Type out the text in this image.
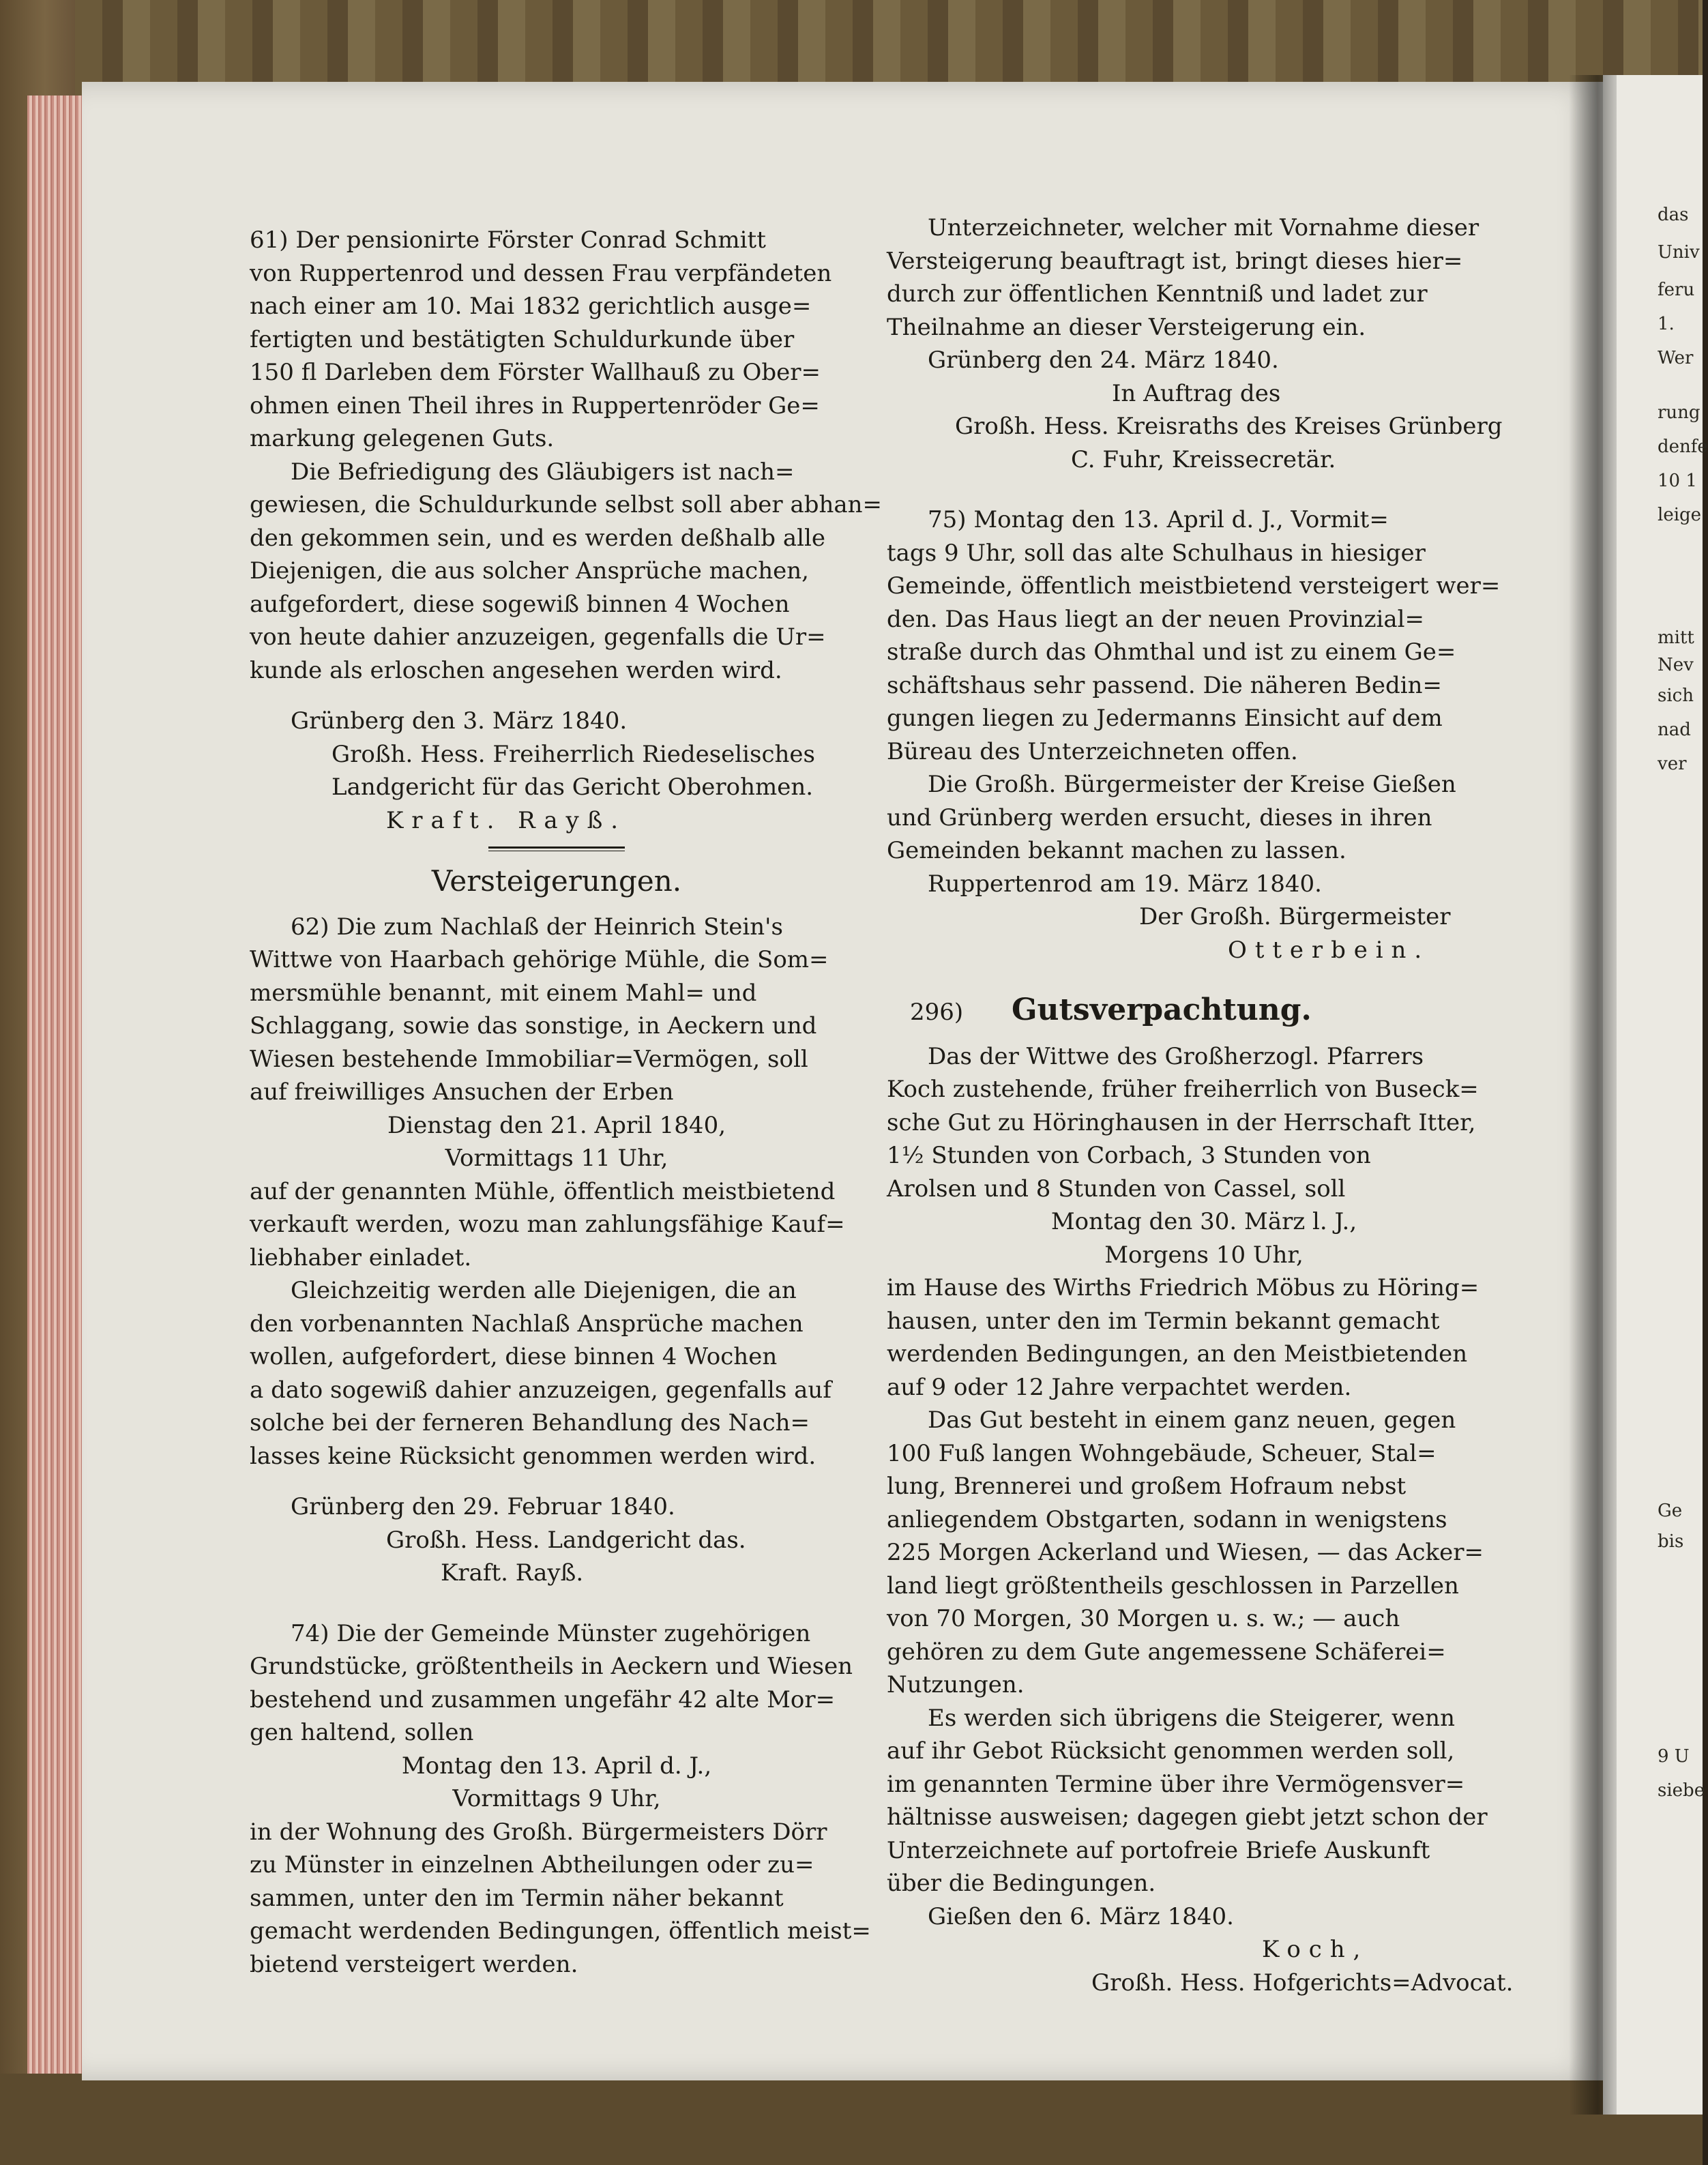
das
Univ
feru
1.
Wer
rung
denfe
10 1
leige
mitt
Nev
sich
nad
ver
Ge
bis
9 U
siebe

61) Der pensionirte Förster Conrad Schmitt

von Ruppertenrod und dessen Frau verpfändeten

nach einer am 10. Mai 1832 gerichtlich ausge=

fertigten und bestätigten Schuldurkunde über

150 fl Darleben dem Förster Wallhauß zu Ober=

ohmen einen Theil ihres in Ruppertenröder Ge=

markung gelegenen Guts.

Die Befriedigung des Gläubigers ist nach=

gewiesen, die Schuldurkunde selbst soll aber abhan=

den gekommen sein, und es werden deßhalb alle

Diejenigen, die aus solcher Ansprüche machen,

aufgefordert, diese sogewiß binnen 4 Wochen

von heute dahier anzuzeigen, gegenfalls die Ur=

kunde als erloschen angesehen werden wird.

Grünberg den 3. März 1840.

Großh. Hess. Freiherrlich Riedeselisches

Landgericht für das Gericht Oberohmen.

Kraft. Rayß.

Versteigerungen.

62) Die zum Nachlaß der Heinrich Stein's

Wittwe von Haarbach gehörige Mühle, die Som=

mersmühle benannt, mit einem Mahl= und

Schlaggang, sowie das sonstige, in Aeckern und

Wiesen bestehende Immobiliar=Vermögen, soll

auf freiwilliges Ansuchen der Erben

Dienstag den 21. April 1840,

Vormittags 11 Uhr,

auf der genannten Mühle, öffentlich meistbietend

verkauft werden, wozu man zahlungsfähige Kauf=

liebhaber einladet.

Gleichzeitig werden alle Diejenigen, die an

den vorbenannten Nachlaß Ansprüche machen

wollen, aufgefordert, diese binnen 4 Wochen

a dato sogewiß dahier anzuzeigen, gegenfalls auf

solche bei der ferneren Behandlung des Nach=

lasses keine Rücksicht genommen werden wird.

Grünberg den 29. Februar 1840.

Großh. Hess. Landgericht das.

Kraft. Rayß.

74) Die der Gemeinde Münster zugehörigen

Grundstücke, größtentheils in Aeckern und Wiesen

bestehend und zusammen ungefähr 42 alte Mor=

gen haltend, sollen

Montag den 13. April d. J.,

Vormittags 9 Uhr,

in der Wohnung des Großh. Bürgermeisters Dörr

zu Münster in einzelnen Abtheilungen oder zu=

sammen, unter den im Termin näher bekannt

gemacht werdenden Bedingungen, öffentlich meist=

bietend versteigert werden.

Unterzeichneter, welcher mit Vornahme dieser

Versteigerung beauftragt ist, bringt dieses hier=

durch zur öffentlichen Kenntniß und ladet zur

Theilnahme an dieser Versteigerung ein.

Grünberg den 24. März 1840.

In Auftrag des

Großh. Hess. Kreisraths des Kreises Grünberg

C. Fuhr, Kreissecretär.

75) Montag den 13. April d. J., Vormit=

tags 9 Uhr, soll das alte Schulhaus in hiesiger

Gemeinde, öffentlich meistbietend versteigert wer=

den. Das Haus liegt an der neuen Provinzial=

straße durch das Ohmthal und ist zu einem Ge=

schäftshaus sehr passend. Die näheren Bedin=

gungen liegen zu Jedermanns Einsicht auf dem

Büreau des Unterzeichneten offen.

Die Großh. Bürgermeister der Kreise Gießen

und Grünberg werden ersucht, dieses in ihren

Gemeinden bekannt machen zu lassen.

Ruppertenrod am 19. März 1840.

Der Großh. Bürgermeister

Otterbein.

296) Gutsverpachtung.

Das der Wittwe des Großherzogl. Pfarrers

Koch zustehende, früher freiherrlich von Buseck=

sche Gut zu Höringhausen in der Herrschaft Itter,

1½ Stunden von Corbach, 3 Stunden von

Arolsen und 8 Stunden von Cassel, soll

Montag den 30. März l. J.,

Morgens 10 Uhr,

im Hause des Wirths Friedrich Möbus zu Höring=

hausen, unter den im Termin bekannt gemacht

werdenden Bedingungen, an den Meistbietenden

auf 9 oder 12 Jahre verpachtet werden.

Das Gut besteht in einem ganz neuen, gegen

100 Fuß langen Wohngebäude, Scheuer, Stal=

lung, Brennerei und großem Hofraum nebst

anliegendem Obstgarten, sodann in wenigstens

225 Morgen Ackerland und Wiesen, — das Acker=

land liegt größtentheils geschlossen in Parzellen

von 70 Morgen, 30 Morgen u. s. w.; — auch

gehören zu dem Gute angemessene Schäferei=

Nutzungen.

Es werden sich übrigens die Steigerer, wenn

auf ihr Gebot Rücksicht genommen werden soll,

im genannten Termine über ihre Vermögensver=

hältnisse ausweisen; dagegen giebt jetzt schon der

Unterzeichnete auf portofreie Briefe Auskunft

über die Bedingungen.

Gießen den 6. März 1840.

Koch,

Großh. Hess. Hofgerichts=Advocat.
